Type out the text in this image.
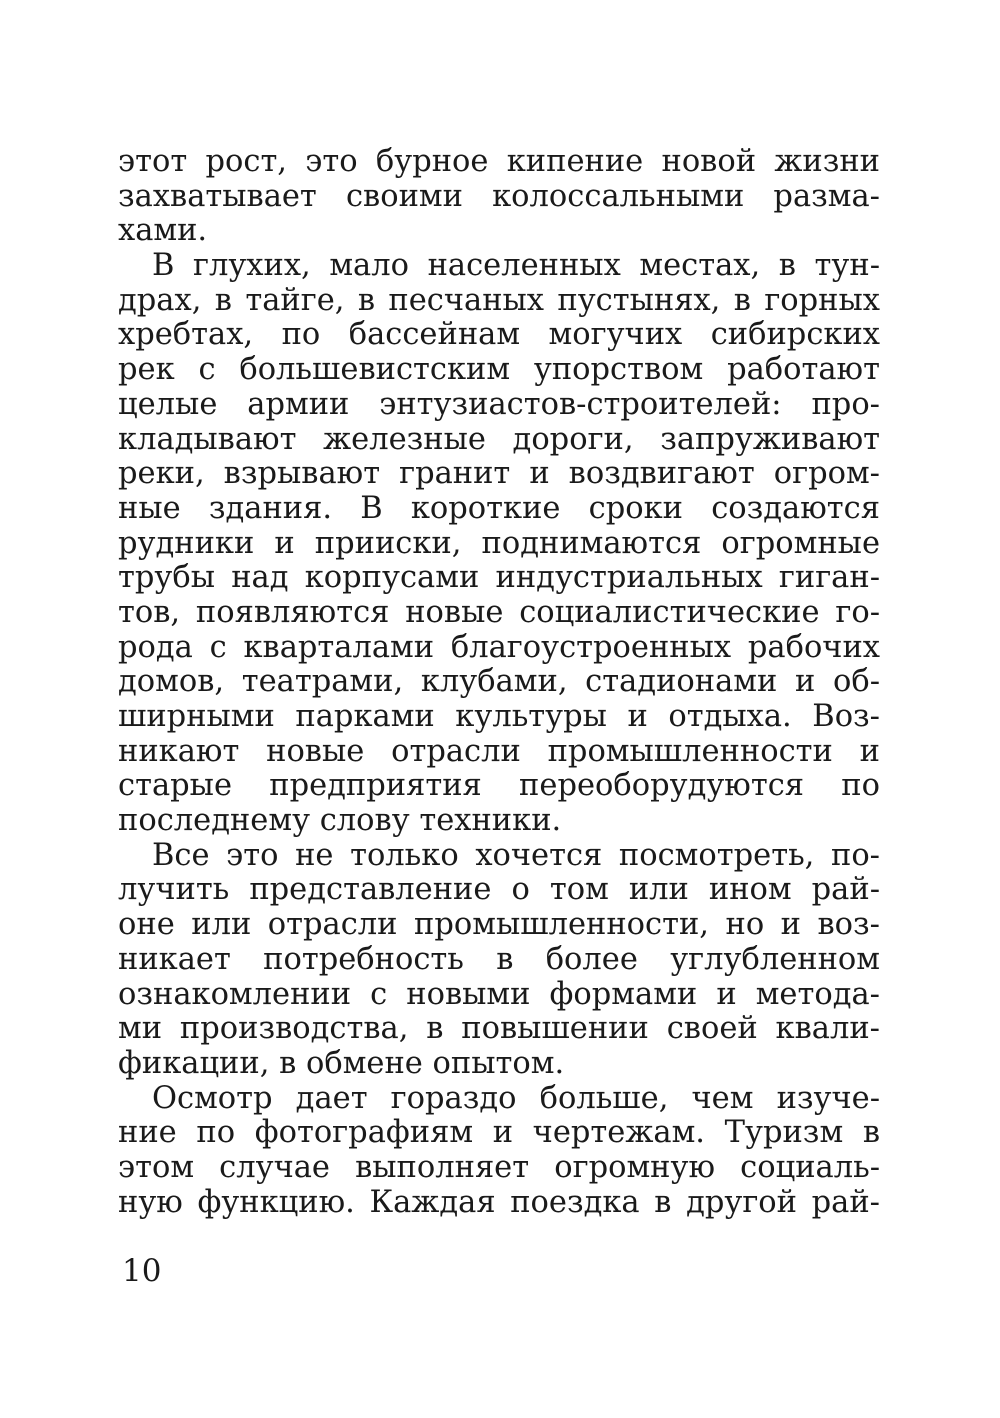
этот рост, это бурное кипение новой жизни
захватывает своими колоссальными разма-
хами.
В глухих, мало населенных местах, в тун-
драх, в тайге, в песчаных пустынях, в горных
хребтах, по бассейнам могучих сибирских
рек с большевистским упорством работают
целые армии энтузиастов-строителей: про-
кладывают железные дороги, запруживают
реки, взрывают гранит и воздвигают огром-
ные здания. В короткие сроки создаются
рудники и прииски, поднимаются огромные
трубы над корпусами индустриальных гиган-
тов, появляются новые социалистические го-
рода с кварталами благоустроенных рабочих
домов, театрами, клубами, стадионами и об-
ширными парками культуры и отдыха. Воз-
никают новые отрасли промышленности и
старые предприятия переоборудуются по
последнему слову техники.
Все это не только хочется посмотреть, по-
лучить представление о том или ином рай-
оне или отрасли промышленности, но и воз-
никает потребность в более углубленном
ознакомлении с новыми формами и метода-
ми производства, в повышении своей квали-
фикации, в обмене опытом.
Осмотр дает гораздо больше, чем изуче-
ние по фотографиям и чертежам. Туризм в
этом случае выполняет огромную социаль-
ную функцию. Каждая поездка в другой рай-
10
